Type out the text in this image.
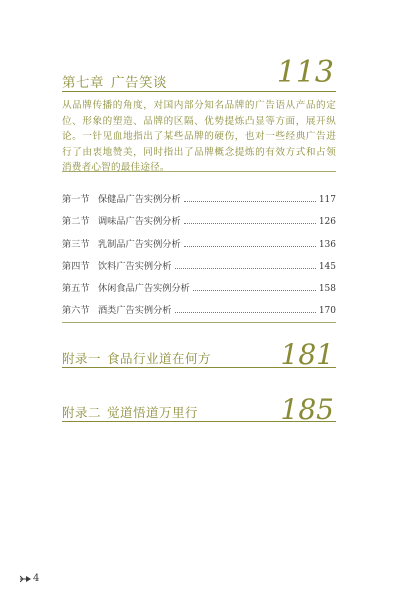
第七章 广告笑谈	113
从品牌传播的角度，对国内部分知名品牌的广告语从产品的定位、形象的塑造、品牌的区隔、优势提炼凸显等方面，展开纵论。一针见血地指出了某些品牌的硬伤，也对一些经典广告进行了由衷地赞美，同时指出了品牌概念提炼的有效方式和占领消费者心智的最佳途径。
第一节 保健品广告实例分析	117
第二节 调味品广告实例分析	126
第三节 乳制品广告实例分析	136
第四节 饮料广告实例分析	145
第五节 休闲食品广告实例分析	158
第六节 酒类广告实例分析	170
附录一 食品行业道在何方 181
附录二 觉道悟道万里行	185
4
